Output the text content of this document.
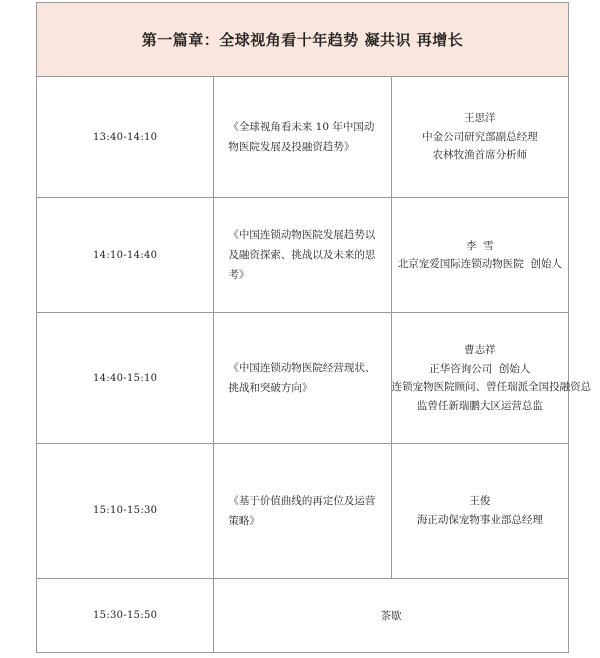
第一篇章：全球视角看十年趋势 凝共识 再增长		
13:40-14:10	《全球视角看未来 10 年中国动物医院发展及投融资趋势》	王思洋
中金公司研究部副总经理
农林牧渔首席分析师

14:10-14:40	《中国连锁动物医院发展趋势以及融资探索、挑战以及未来的思考》	李  雪
北京宠爱国际连锁动物医院  创始人

14:40-15:10	《中国连锁动物医院经营现状、挑战和突破方向》	曹志祥
正华咨询公司  创始人
连锁宠物医院顾问、曾任瑞派全国投融资总
监曾任新瑞鹏大区运营总监

15:10-15:30	《基于价值曲线的再定位及运营策略》	王俊
海正动保宠物事业部总经理

15:30-15:50	茶歇	
